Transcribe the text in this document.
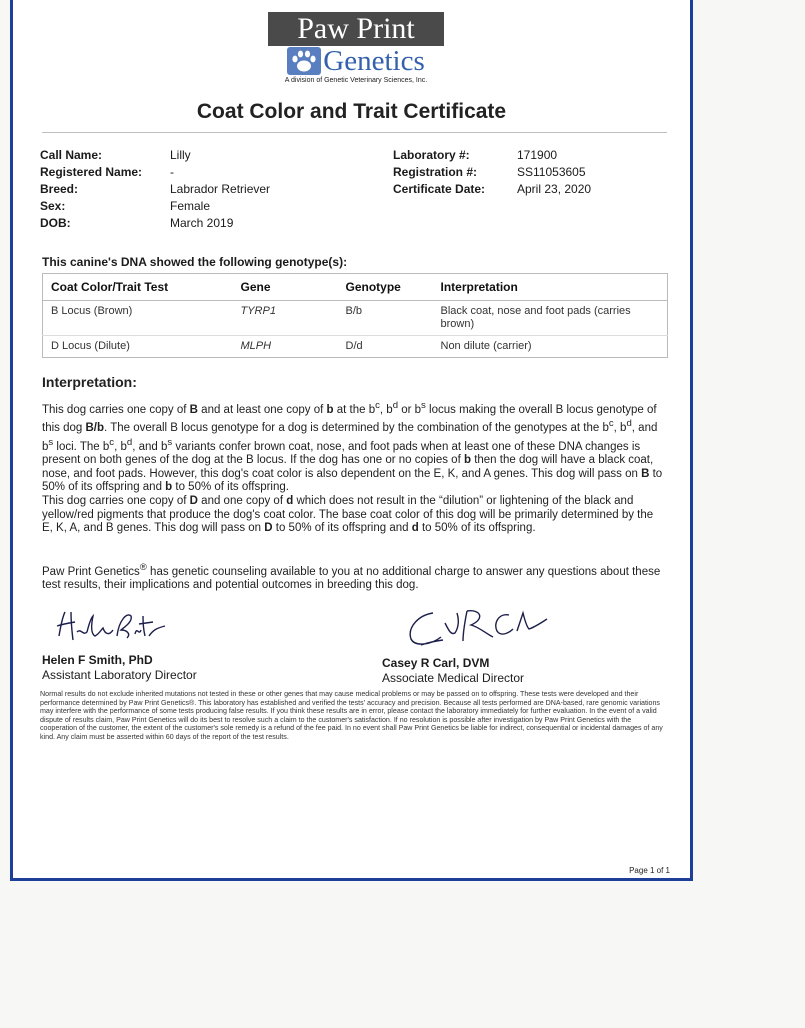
Paw Print
Genetics
A division of Genetic Veterinary Sciences, Inc.
Coat Color and Trait Certificate
Call Name:	Lilly
Registered Name:	-
Breed:	Labrador Retriever
Sex:	Female
DOB:	March 2019
Laboratory #:	171900
Registration #:	SS11053605
Certificate Date:	April 23, 2020
This canine's DNA showed the following genotype(s):
Coat Color/Trait Test	Gene	Genotype	Interpretation
B Locus (Brown)	TYRP1	B/b	Black coat, nose and foot pads (carries brown)
D Locus (Dilute)	MLPH	D/d	Non dilute (carrier)
Interpretation:
This dog carries one copy of B and at least one copy of b at the $b^c$, $b^d$ or $b^s$ locus making the overall B locus genotype of this dog B/b. The overall B locus genotype for a dog is determined by the combination of the genotypes at the $b^c$, $b^d$, and $b^s$ loci. The $b^c$, $b^d$, and $b^s$ variants confer brown coat, nose, and foot pads when at least one of these DNA changes is present on both genes of the dog at the B locus. If the dog has one or no copies of b then the dog will have a black coat, nose, and foot pads. However, this dog's coat color is also dependent on the E, K, and A genes. This dog will pass on B to 50% of its offspring and b to 50% of its offspring.
This dog carries one copy of D and one copy of d which does not result in the “dilution” or lightening of the black and yellow/red pigments that produce the dog's coat color. The base coat color of this dog will be primarily determined by the E, K, A, and B genes. This dog will pass on D to 50% of its offspring and d to 50% of its offspring.
Paw Print Genetics® has genetic counseling available to you at no additional charge to answer any questions about these test results, their implications and potential outcomes in breeding this dog.
Helen F Smith, PhD
Assistant Laboratory Director
Casey R Carl, DVM
Associate Medical Director
Normal results do not exclude inherited mutations not tested in these or other genes that may cause medical problems or may be passed on to offspring. These tests were developed and their performance determined by Paw Print Genetics®. This laboratory has established and verified the tests' accuracy and precision. Because all tests performed are DNA-based, rare genomic variations may interfere with the performance of some tests producing false results. If you think these results are in error, please contact the laboratory immediately for further evaluation. In the event of a valid dispute of results claim, Paw Print Genetics will do its best to resolve such a claim to the customer's satisfaction. If no resolution is possible after investigation by Paw Print Genetics with the cooperation of the customer, the extent of the customer's sole remedy is a refund of the fee paid. In no event shall Paw Print Genetics be liable for indirect, consequential or incidental damages of any kind. Any claim must be asserted within 60 days of the report of the test results.
Page 1 of 1
